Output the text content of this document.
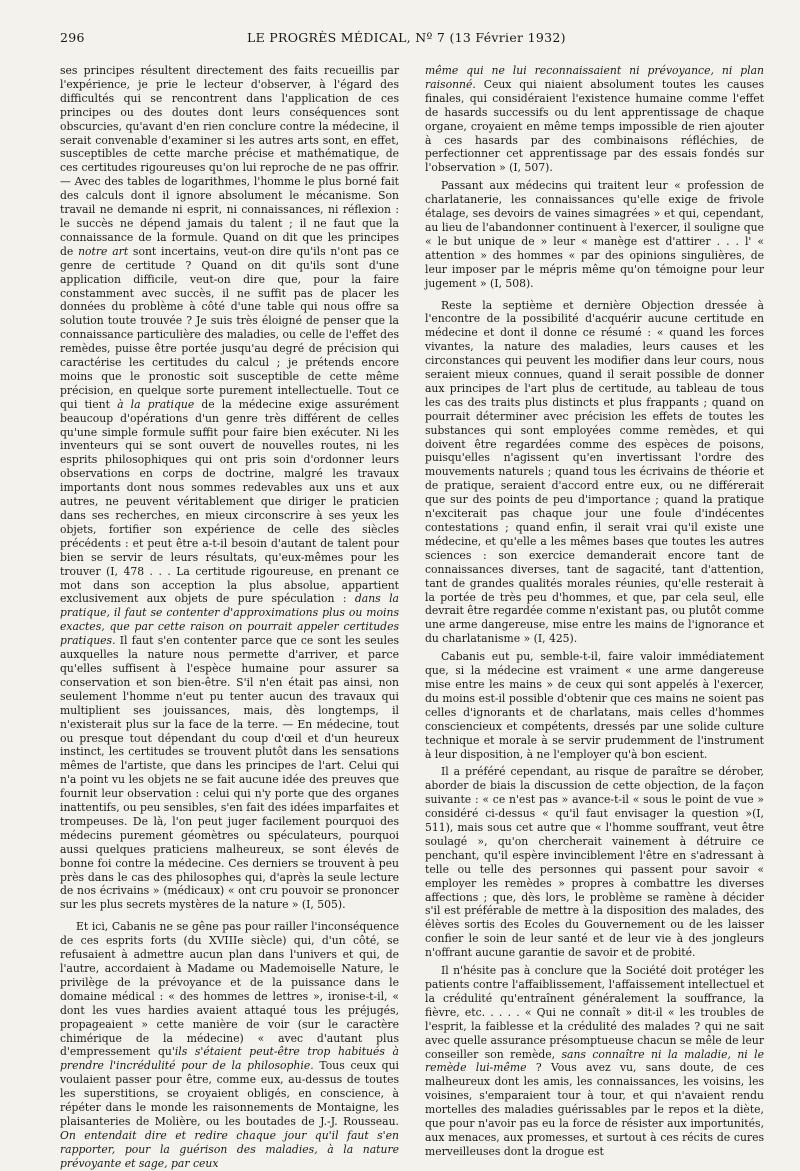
296	LE PROGRÈS MÉDICAL, Nº 7 (13 Février 1932)

ses principes résultent directement des faits recueillis par l'expérience, je prie le lecteur d'observer, à l'égard des difficultés qui se rencontrent dans l'application de ces principes ou des doutes dont leurs conséquences sont obscurcies, qu'avant d'en rien conclure contre la médecine, il serait convenable d'examiner si les autres arts sont, en effet, susceptibles de cette marche précise et mathématique, de ces certitudes rigoureuses qu'on lui reproche de ne pas offrir. — Avec des tables de logarithmes, l'homme le plus borné fait des calculs dont il ignore absolument le mécanisme. Son travail ne demande ni esprit, ni connaissances, ni réflexion : le succès ne dépend jamais du talent ; il ne faut que la connaissance de la formule. Quand on dit que les principes de notre art sont incertains, veut-on dire qu'ils n'ont pas ce genre de certitude ? Quand on dit qu'ils sont d'une application difficile, veut-on dire que, pour la faire constamment avec succès, il ne suffit pas de placer les données du problème à côté d'une table qui nous offre sa solution toute trouvée ? Je suis très éloigné de penser que la connaissance particulière des maladies, ou celle de l'effet des remèdes, puisse être portée jusqu'au degré de précision qui caractérise les certitudes du calcul ; je prétends encore moins que le pronostic soit susceptible de cette même précision, en quelque sorte purement intellectuelle. Tout ce qui tient à la pratique de la médecine exige assurément beaucoup d'opérations d'un genre très différent de celles qu'une simple formule suffit pour faire bien exécuter. Ni les inventeurs qui se sont ouvert de nouvelles routes, ni les esprits philosophiques qui ont pris soin d'ordonner leurs observations en corps de doctrine, malgré les travaux importants dont nous sommes redevables aux uns et aux autres, ne peuvent véritablement que diriger le praticien dans ses recherches, en mieux circonscrire à ses yeux les objets, fortifier son expérience de celle des siècles précédents : et peut être a-t-il besoin d'autant de talent pour bien se servir de leurs résultats, qu'eux-mêmes pour les trouver (I, 478 . . . La certitude rigoureuse, en prenant ce mot dans son acception la plus absolue, appartient exclusivement aux objets de pure spéculation : dans la pratique, il faut se contenter d'approximations plus ou moins exactes, que par cette raison on pourrait appeler certitudes pratiques. Il faut s'en contenter parce que ce sont les seules auxquelles la nature nous permette d'arriver, et parce qu'elles suffisent à l'espèce humaine pour assurer sa conservation et son bien-être. S'il n'en était pas ainsi, non seulement l'homme n'eut pu tenter aucun des travaux qui multiplient ses jouissances, mais, dès longtemps, il n'existerait plus sur la face de la terre. — En médecine, tout ou presque tout dépendant du coup d'œil et d'un heureux instinct, les certitudes se trouvent plutôt dans les sensations mêmes de l'artiste, que dans les principes de l'art. Celui qui n'a point vu les objets ne se fait aucune idée des preuves que fournit leur observation : celui qui n'y porte que des organes inattentifs, ou peu sensibles, s'en fait des idées imparfaites et trompeuses. De là, l'on peut juger facilement pourquoi des médecins purement géomètres ou spéculateurs, pourquoi aussi quelques praticiens malheureux, se sont élevés de bonne foi contre la médecine. Ces derniers se trouvent à peu près dans le cas des philosophes qui, d'après la seule lecture de nos écrivains » (médicaux) « ont cru pouvoir se prononcer sur les plus secrets mystères de la nature » (I, 505).

Et ici, Cabanis ne se gêne pas pour railler l'inconséquence de ces esprits forts (du XVIIIe siècle) qui, d'un côté, se refusaient à admettre aucun plan dans l'univers et qui, de l'autre, accordaient à Madame ou Mademoiselle Nature, le privilège de la prévoyance et de la puissance dans le domaine médical : « des hommes de lettres », ironise-t-il, « dont les vues hardies avaient attaqué tous les préjugés, propageaient » cette manière de voir (sur le caractère chimérique de la médecine) « avec d'autant plus d'empressement qu'ils s'étaient peut-être trop habitués à prendre l'incrédulité pour de la philosophie. Tous ceux qui voulaient passer pour être, comme eux, au-dessus de toutes les superstitions, se croyaient obligés, en conscience, à répéter dans le monde les raisonnements de Montaigne, les plaisanteries de Molière, ou les boutades de J.-J. Rousseau. On entendait dire et redire chaque jour qu'il faut s'en rapporter, pour la guérison des maladies, à la nature prévoyante et sage, par ceux

même qui ne lui reconnaissaient ni prévoyance, ni plan raisonné. Ceux qui niaient absolument toutes les causes finales, qui considéraient l'existence humaine comme l'effet de hasards successifs ou du lent apprentissage de chaque organe, croyaient en même temps impossible de rien ajouter à ces hasards par des combinaisons réfléchies, de perfectionner cet apprentissage par des essais fondés sur l'observation » (I, 507).

Passant aux médecins qui traitent leur « profession de charlatanerie, les connaissances qu'elle exige de frivole étalage, ses devoirs de vaines simagrées » et qui, cependant, au lieu de l'abandonner continuent à l'exercer, il souligne que « le but unique de » leur « manège est d'attirer . . . l' « attention » des hommes « par des opinions singulières, de leur imposer par le mépris même qu'on témoigne pour leur jugement » (I, 508).

Reste la septième et dernière Objection dressée à l'encontre de la possibilité d'acquérir aucune certitude en médecine et dont il donne ce résumé : « quand les forces vivantes, la nature des maladies, leurs causes et les circonstances qui peuvent les modifier dans leur cours, nous seraient mieux connues, quand il serait possible de donner aux principes de l'art plus de certitude, au tableau de tous les cas des traits plus distincts et plus frappants ; quand on pourrait déterminer avec précision les effets de toutes les substances qui sont employées comme remèdes, et qui doivent être regardées comme des espèces de poisons, puisqu'elles n'agissent qu'en invertissant l'ordre des mouvements naturels ; quand tous les écrivains de théorie et de pratique, seraient d'accord entre eux, ou ne différerait que sur des points de peu d'importance ; quand la pratique n'exciterait pas chaque jour une foule d'indécentes contestations ; quand enfin, il serait vrai qu'il existe une médecine, et qu'elle a les mêmes bases que toutes les autres sciences : son exercice demanderait encore tant de connaissances diverses, tant de sagacité, tant d'attention, tant de grandes qualités morales réunies, qu'elle resterait à la portée de très peu d'hommes, et que, par cela seul, elle devrait être regardée comme n'existant pas, ou plutôt comme une arme dangereuse, mise entre les mains de l'ignorance et du charlatanisme » (I, 425).

Cabanis eut pu, semble-t-il, faire valoir immédiatement que, si la médecine est vraiment « une arme dangereuse mise entre les mains » de ceux qui sont appelés à l'exercer, du moins est-il possible d'obtenir que ces mains ne soient pas celles d'ignorants et de charlatans, mais celles d'hommes consciencieux et compétents, dressés par une solide culture technique et morale à se servir prudemment de l'instrument à leur disposition, à ne l'employer qu'à bon escient.

Il a préféré cependant, au risque de paraître se dérober, aborder de biais la discussion de cette objection, de la façon suivante : « ce n'est pas » avance-t-il « sous le point de vue » considéré ci-dessus « qu'il faut envisager la question »(I, 511), mais sous cet autre que « l'homme souffrant, veut être soulagé », qu'on chercherait vainement à détruire ce penchant, qu'il espère invinciblement l'être en s'adressant à telle ou telle des personnes qui passent pour savoir « employer les remèdes » propres à combattre les diverses affections ; que, dès lors, le problème se ramène à décider s'il est préférable de mettre à la disposition des malades, des élèves sortis des Ecoles du Gouvernement ou de les laisser confier le soin de leur santé et de leur vie à des jongleurs n'offrant aucune garantie de savoir et de probité.

Il n'hésite pas à conclure que la Société doit protéger les patients contre l'affaiblissement, l'affaissement intellectuel et la crédulité qu'entraînent généralement la souffrance, la fièvre, etc. . . . . « Qui ne connaît » dit-il « les troubles de l'esprit, la faiblesse et la crédulité des malades ? qui ne sait avec quelle assurance présomptueuse chacun se mêle de leur conseiller son remède, sans connaître ni la maladie, ni le remède lui-même ? Vous avez vu, sans doute, de ces malheureux dont les amis, les connaissances, les voisins, les voisines, s'emparaient tour à tour, et qui n'avaient rendu mortelles des maladies guérissables par le repos et la diète, que pour n'avoir pas eu la force de résister aux importunités, aux menaces, aux promesses, et surtout à ces récits de cures merveilleuses dont la drogue est
